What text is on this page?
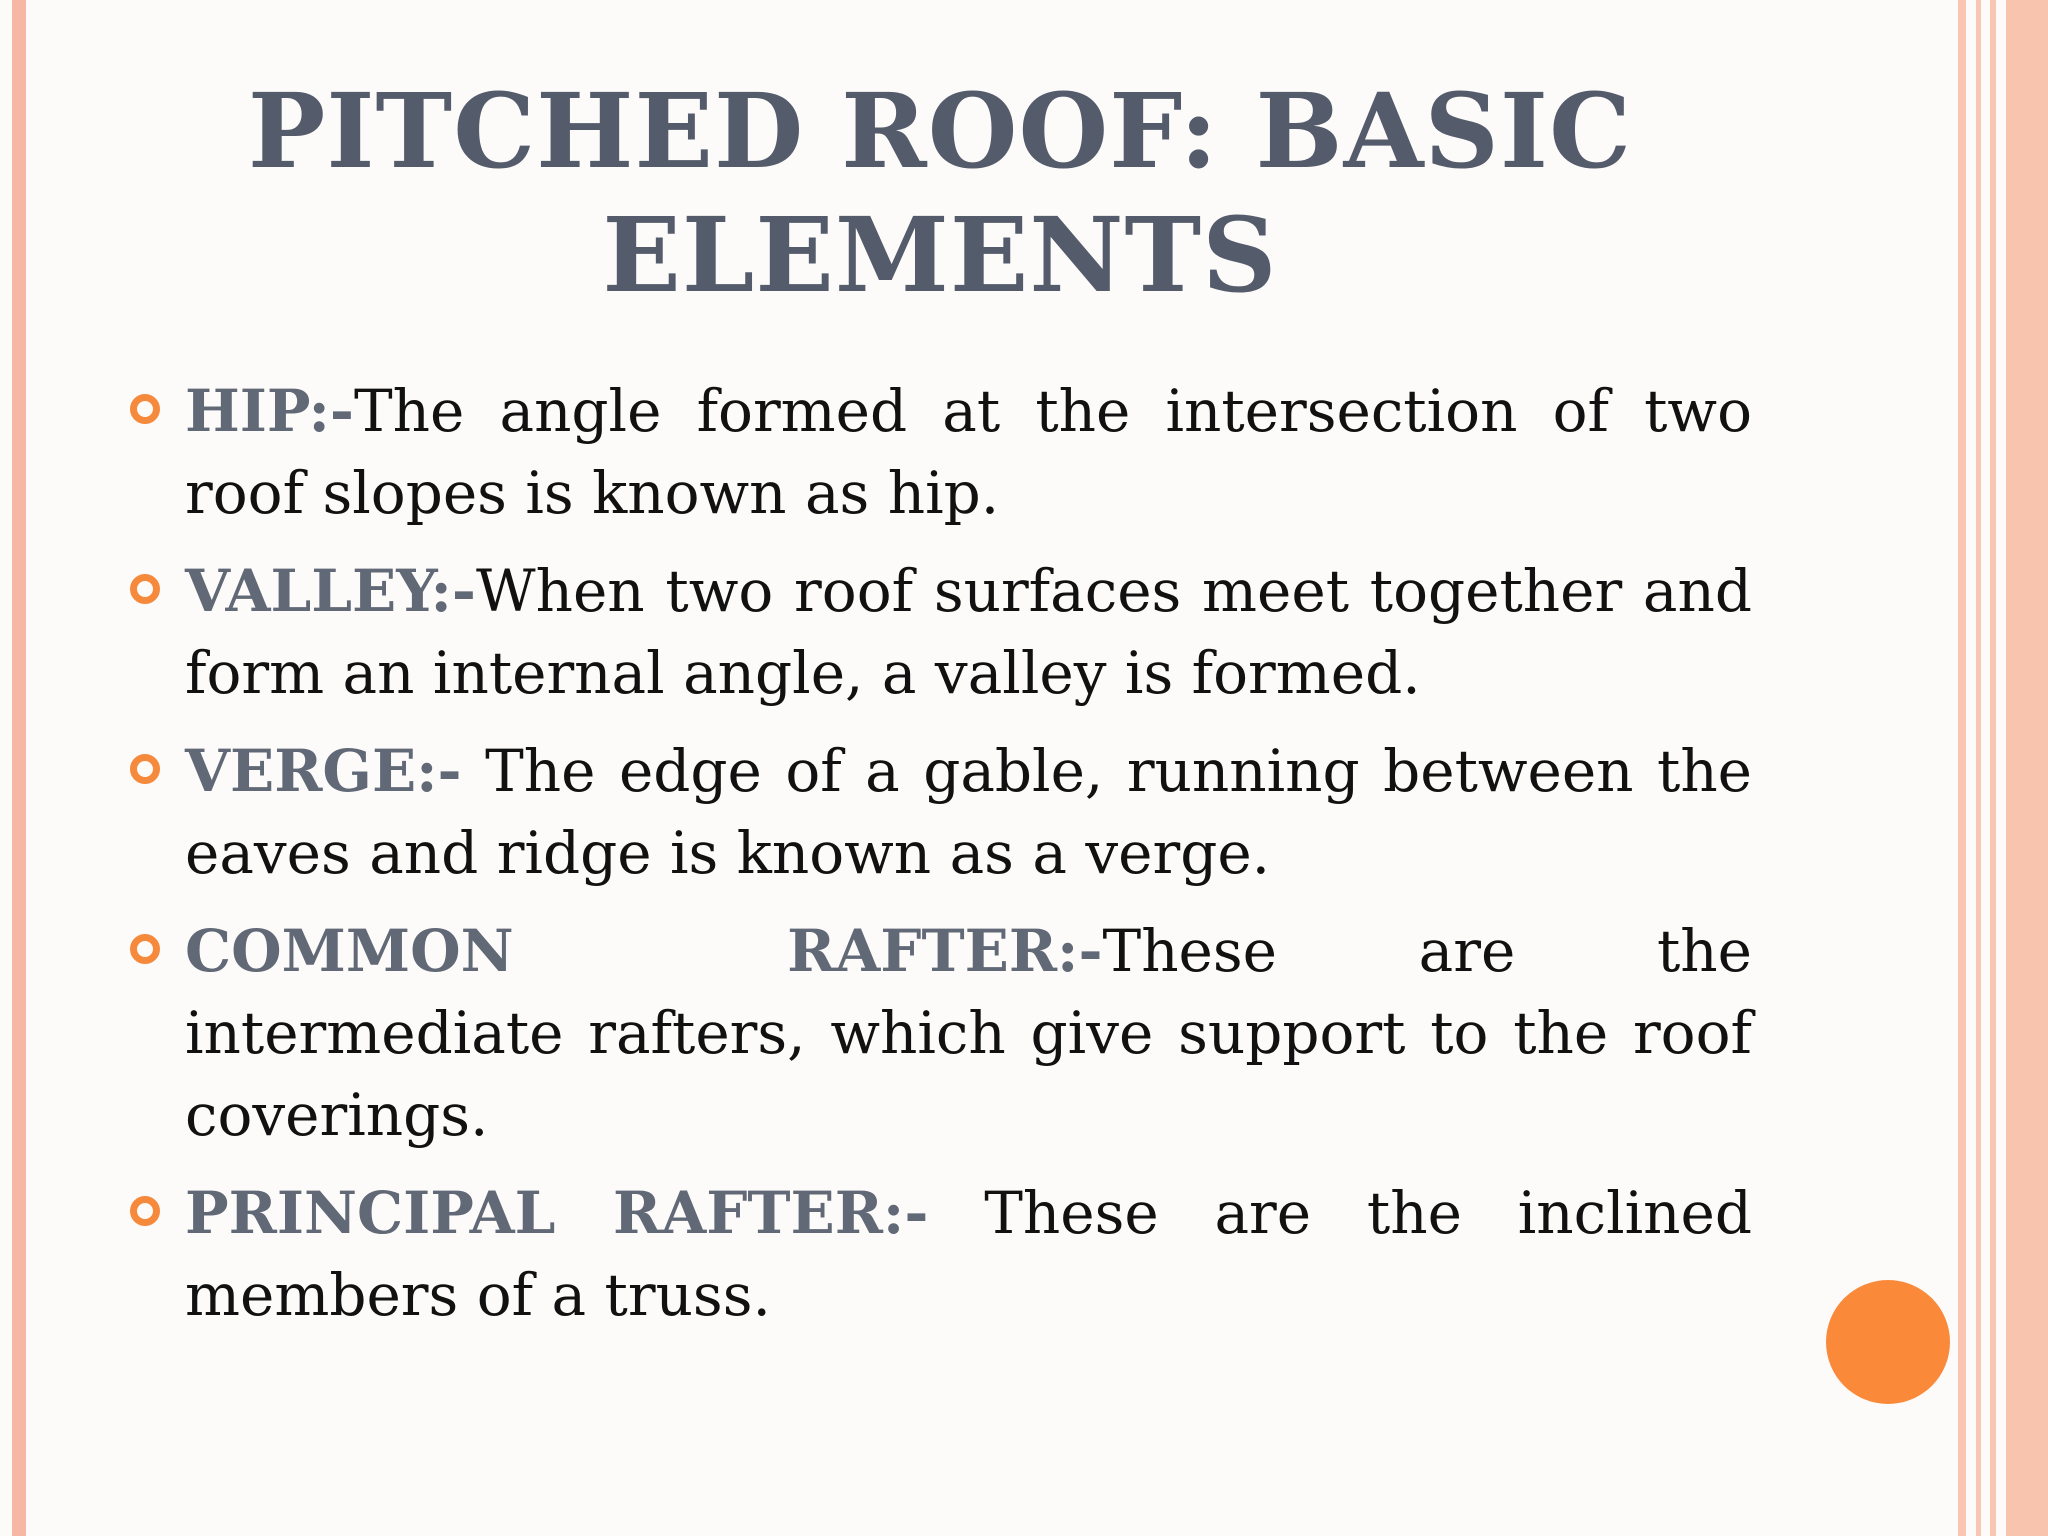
PITCHED ROOF: BASIC ELEMENTS
HIP:-The angle formed at the intersection of two roof slopes is known as hip.
VALLEY:-When two roof surfaces meet together and form an internal angle, a valley is formed.
VERGE:- The edge of a gable, running between the eaves and ridge is known as a verge.
COMMON RAFTER:-These are the intermediate rafters, which give support to the roof coverings.
PRINCIPAL RAFTER:- These are the inclined members of a truss.
